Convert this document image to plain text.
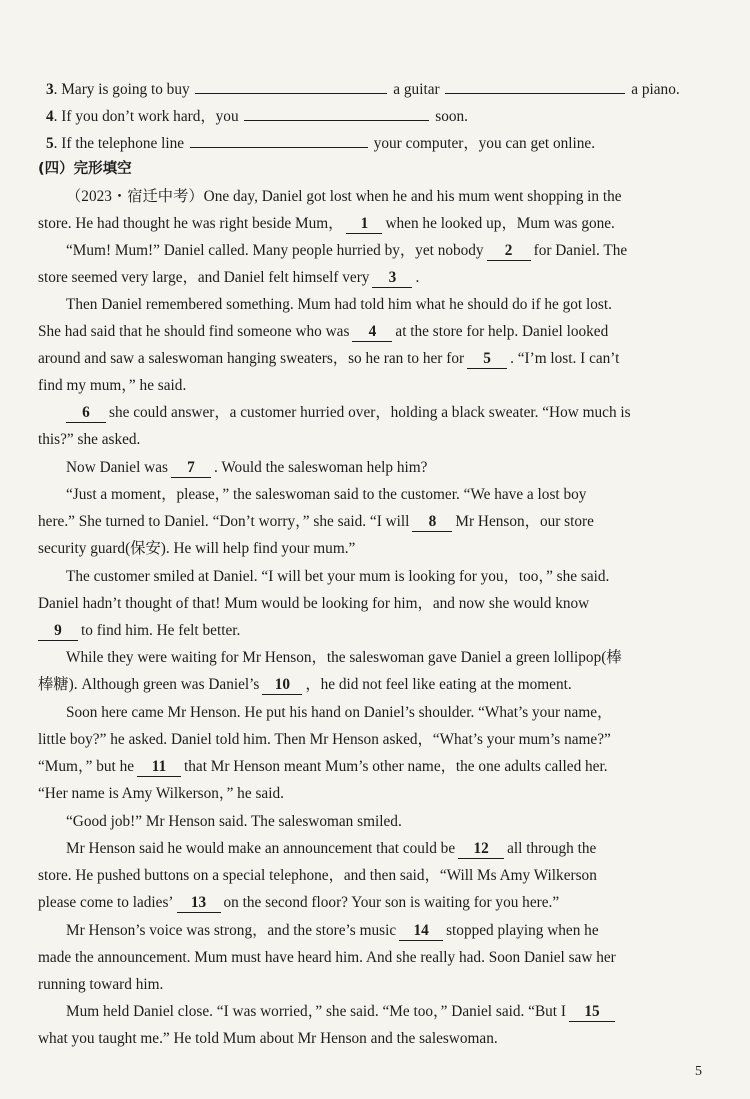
3. Mary is going to buy	a guitar	a piano.
4. If you don’t work hard，you	soon.
5. If the telephone line	your computer，you can get online.
(四）完形填空
（2023・宿迁中考）One day, Daniel got lost when he and his mum went shopping in the
store. He had thought he was right beside Mum， 1 when he looked up，Mum was gone.
“Mum! Mum!” Daniel called. Many people hurried by，yet nobody 2 for Daniel. The
store seemed very large，and Daniel felt himself very 3 .
Then Daniel remembered something. Mum had told him what he should do if he got lost.
She had said that he should find someone who was 4 at the store for help. Daniel looked
around and saw a saleswoman hanging sweaters，so he ran to her for 5 . “I’m lost. I can’t
find my mum，” he said.
6 she could answer，a customer hurried over，holding a black sweater. “How much is
this?” she asked.
Now Daniel was 7 . Would the saleswoman help him?
“Just a moment，please，” the saleswoman said to the customer. “We have a lost boy
here.” She turned to Daniel. “Don’t worry，” she said. “I will 8 Mr Henson，our store
security guard(保安). He will help find your mum.”
The customer smiled at Daniel. “I will bet your mum is looking for you，too，” she said.
Daniel hadn’t thought of that! Mum would be looking for him，and now she would know
9 to find him. He felt better.
While they were waiting for Mr Henson，the saleswoman gave Daniel a green lollipop(棒
棒糖). Although green was Daniel’s 10 ，he did not feel like eating at the moment.
Soon here came Mr Henson. He put his hand on Daniel’s shoulder. “What’s your name，
little boy?” he asked. Daniel told him. Then Mr Henson asked，“What’s your mum’s name?”
“Mum，” but he 11 that Mr Henson meant Mum’s other name，the one adults called her.
“Her name is Amy Wilkerson，” he said.
“Good job!” Mr Henson said. The saleswoman smiled.
Mr Henson said he would make an announcement that could be 12 all through the
store. He pushed buttons on a special telephone，and then said，“Will Ms Amy Wilkerson
please come to ladies’ 13 on the second floor? Your son is waiting for you here.”
Mr Henson’s voice was strong，and the store’s music 14 stopped playing when he
made the announcement. Mum must have heard him. And she really had. Soon Daniel saw her
running toward him.
Mum held Daniel close. “I was worried，” she said. “Me too，” Daniel said. “But I 15
what you taught me.” He told Mum about Mr Henson and the saleswoman.
5
